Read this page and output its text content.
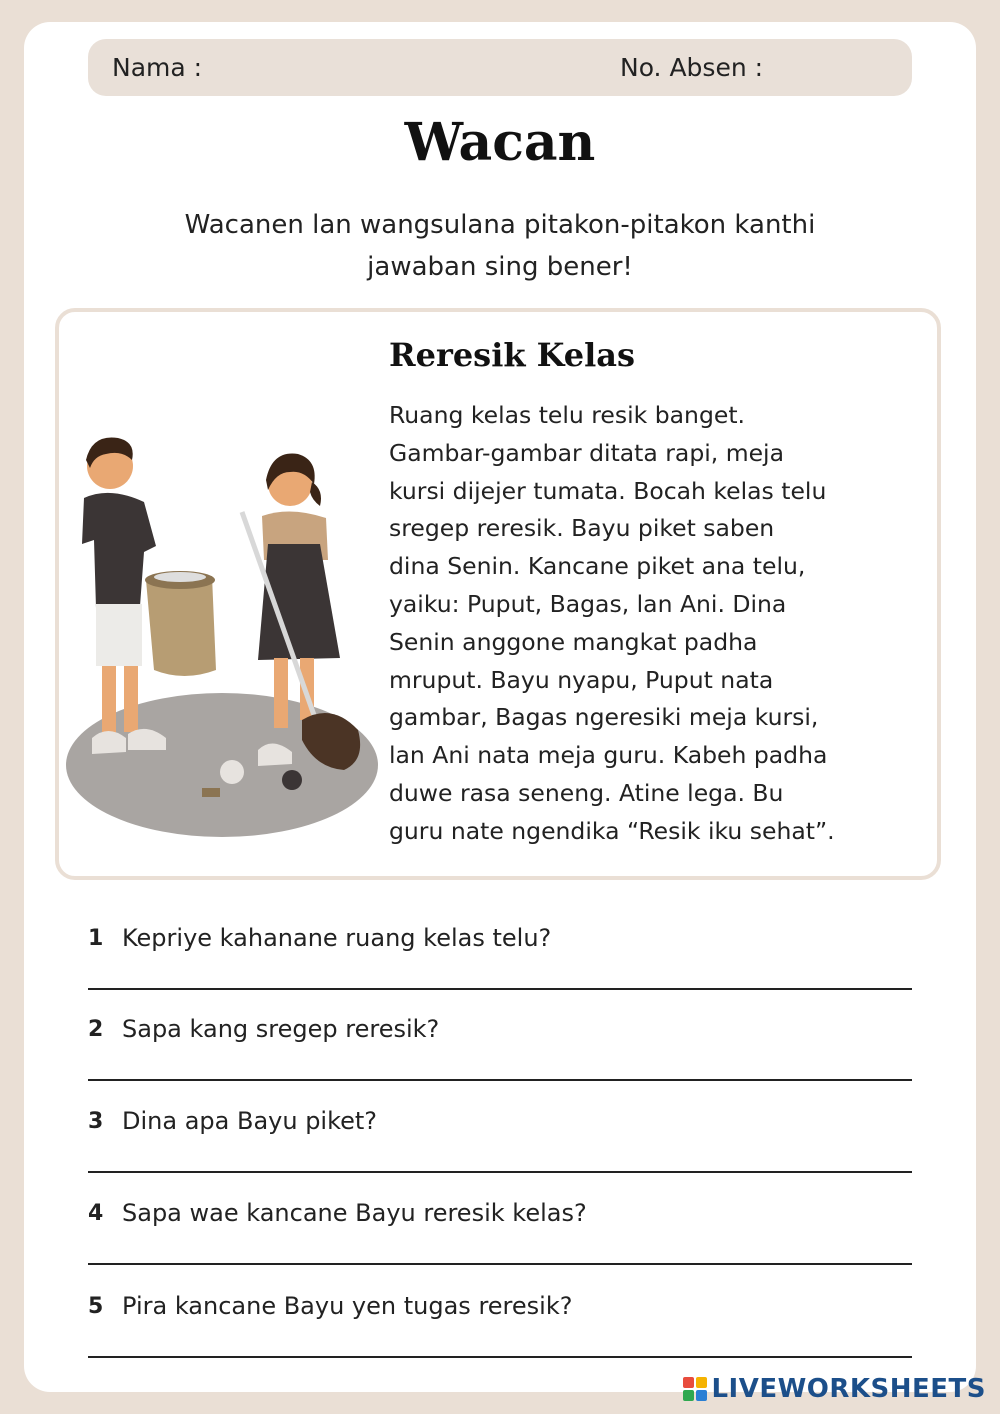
Nama :	No. Absen :
Wacan
Wacanen lan wangsulana pitakon-pitakon kanthi
jawaban sing bener!
Reresik Kelas
Ruang kelas telu resik banget.
Gambar-gambar ditata rapi, meja
kursi dijejer tumata. Bocah kelas telu
sregep reresik. Bayu piket saben
dina Senin. Kancane piket ana telu,
yaiku: Puput, Bagas, lan Ani. Dina
Senin anggone mangkat padha
mruput. Bayu nyapu, Puput nata
gambar, Bagas ngeresiki meja kursi,
lan Ani nata meja guru. Kabeh padha
duwe rasa seneng. Atine lega. Bu
guru nate ngendika “Resik iku sehat”.
1 Kepriye kahanane ruang kelas telu?
2 Sapa kang sregep reresik?
3 Dina apa Bayu piket?
4 Sapa wae kancane Bayu reresik kelas?
5 Pira kancane Bayu yen tugas reresik?
LIVEWORKSHEETS
